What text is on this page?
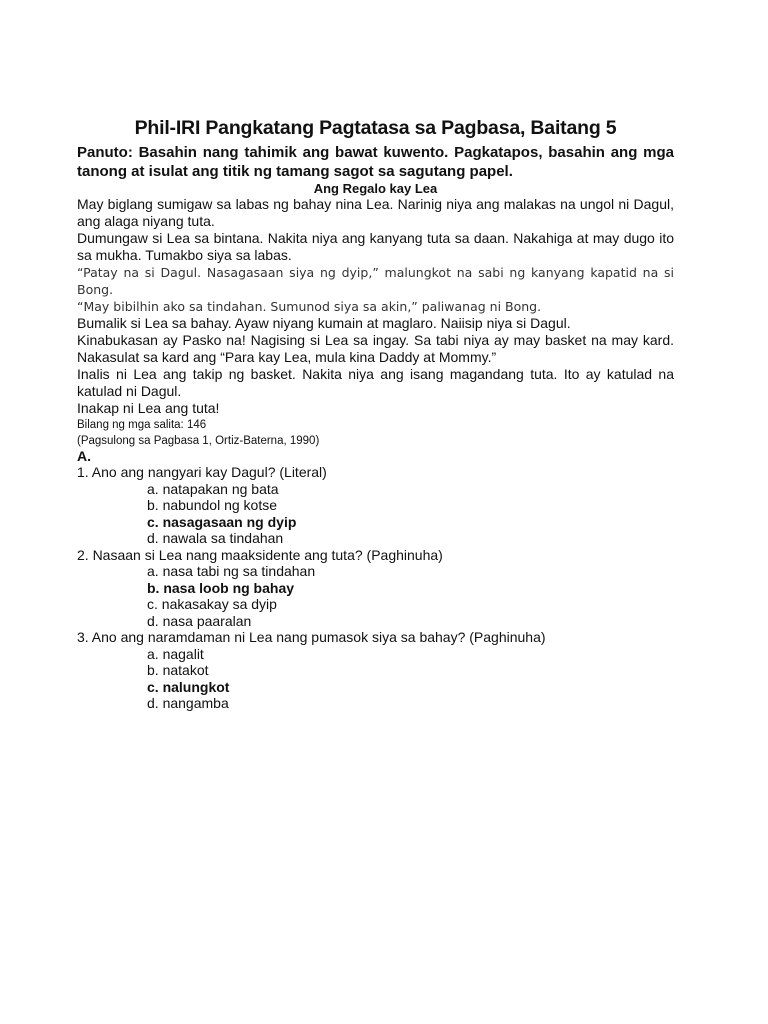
Phil-IRI Pangkatang Pagtatasa sa Pagbasa, Baitang 5

Panuto: Basahin nang tahimik ang bawat kuwento. Pagkatapos, basahin ang mga tanong at isulat ang titik ng tamang sagot sa sagutang papel.

Ang Regalo kay Lea

May biglang sumigaw sa labas ng bahay nina Lea. Narinig niya ang malakas na ungol ni Dagul, ang alaga niyang tuta.

Dumungaw si Lea sa bintana. Nakita niya ang kanyang tuta sa daan. Nakahiga at may dugo ito sa mukha. Tumakbo siya sa labas.

“Patay na si Dagul. Nasagasaan siya ng dyip,” malungkot na sabi ng kanyang kapatid na si Bong.

“May bibilhin ako sa tindahan. Sumunod siya sa akin,” paliwanag ni Bong.

Bumalik si Lea sa bahay. Ayaw niyang kumain at maglaro. Naiisip niya si Dagul.

Kinabukasan ay Pasko na! Nagising si Lea sa ingay. Sa tabi niya ay may basket na may kard. Nakasulat sa kard ang “Para kay Lea, mula kina Daddy at Mommy.”

Inalis ni Lea ang takip ng basket. Nakita niya ang isang magandang tuta. Ito ay katulad na katulad ni Dagul.

Inakap ni Lea ang tuta!

Bilang ng mga salita: 146

(Pagsulong sa Pagbasa 1, Ortiz-Baterna, 1990)

A.

1. Ano ang nangyari kay Dagul? (Literal)

a. natapakan ng bata

b. nabundol ng kotse

c. nasagasaan ng dyip

d. nawala sa tindahan

2. Nasaan si Lea nang maaksidente ang tuta? (Paghinuha)

a. nasa tabi ng sa tindahan

b. nasa loob ng bahay

c. nakasakay sa dyip

d. nasa paaralan

3. Ano ang naramdaman ni Lea nang pumasok siya sa bahay? (Paghinuha)

a. nagalit

b. natakot

c. nalungkot

d. nangamba
